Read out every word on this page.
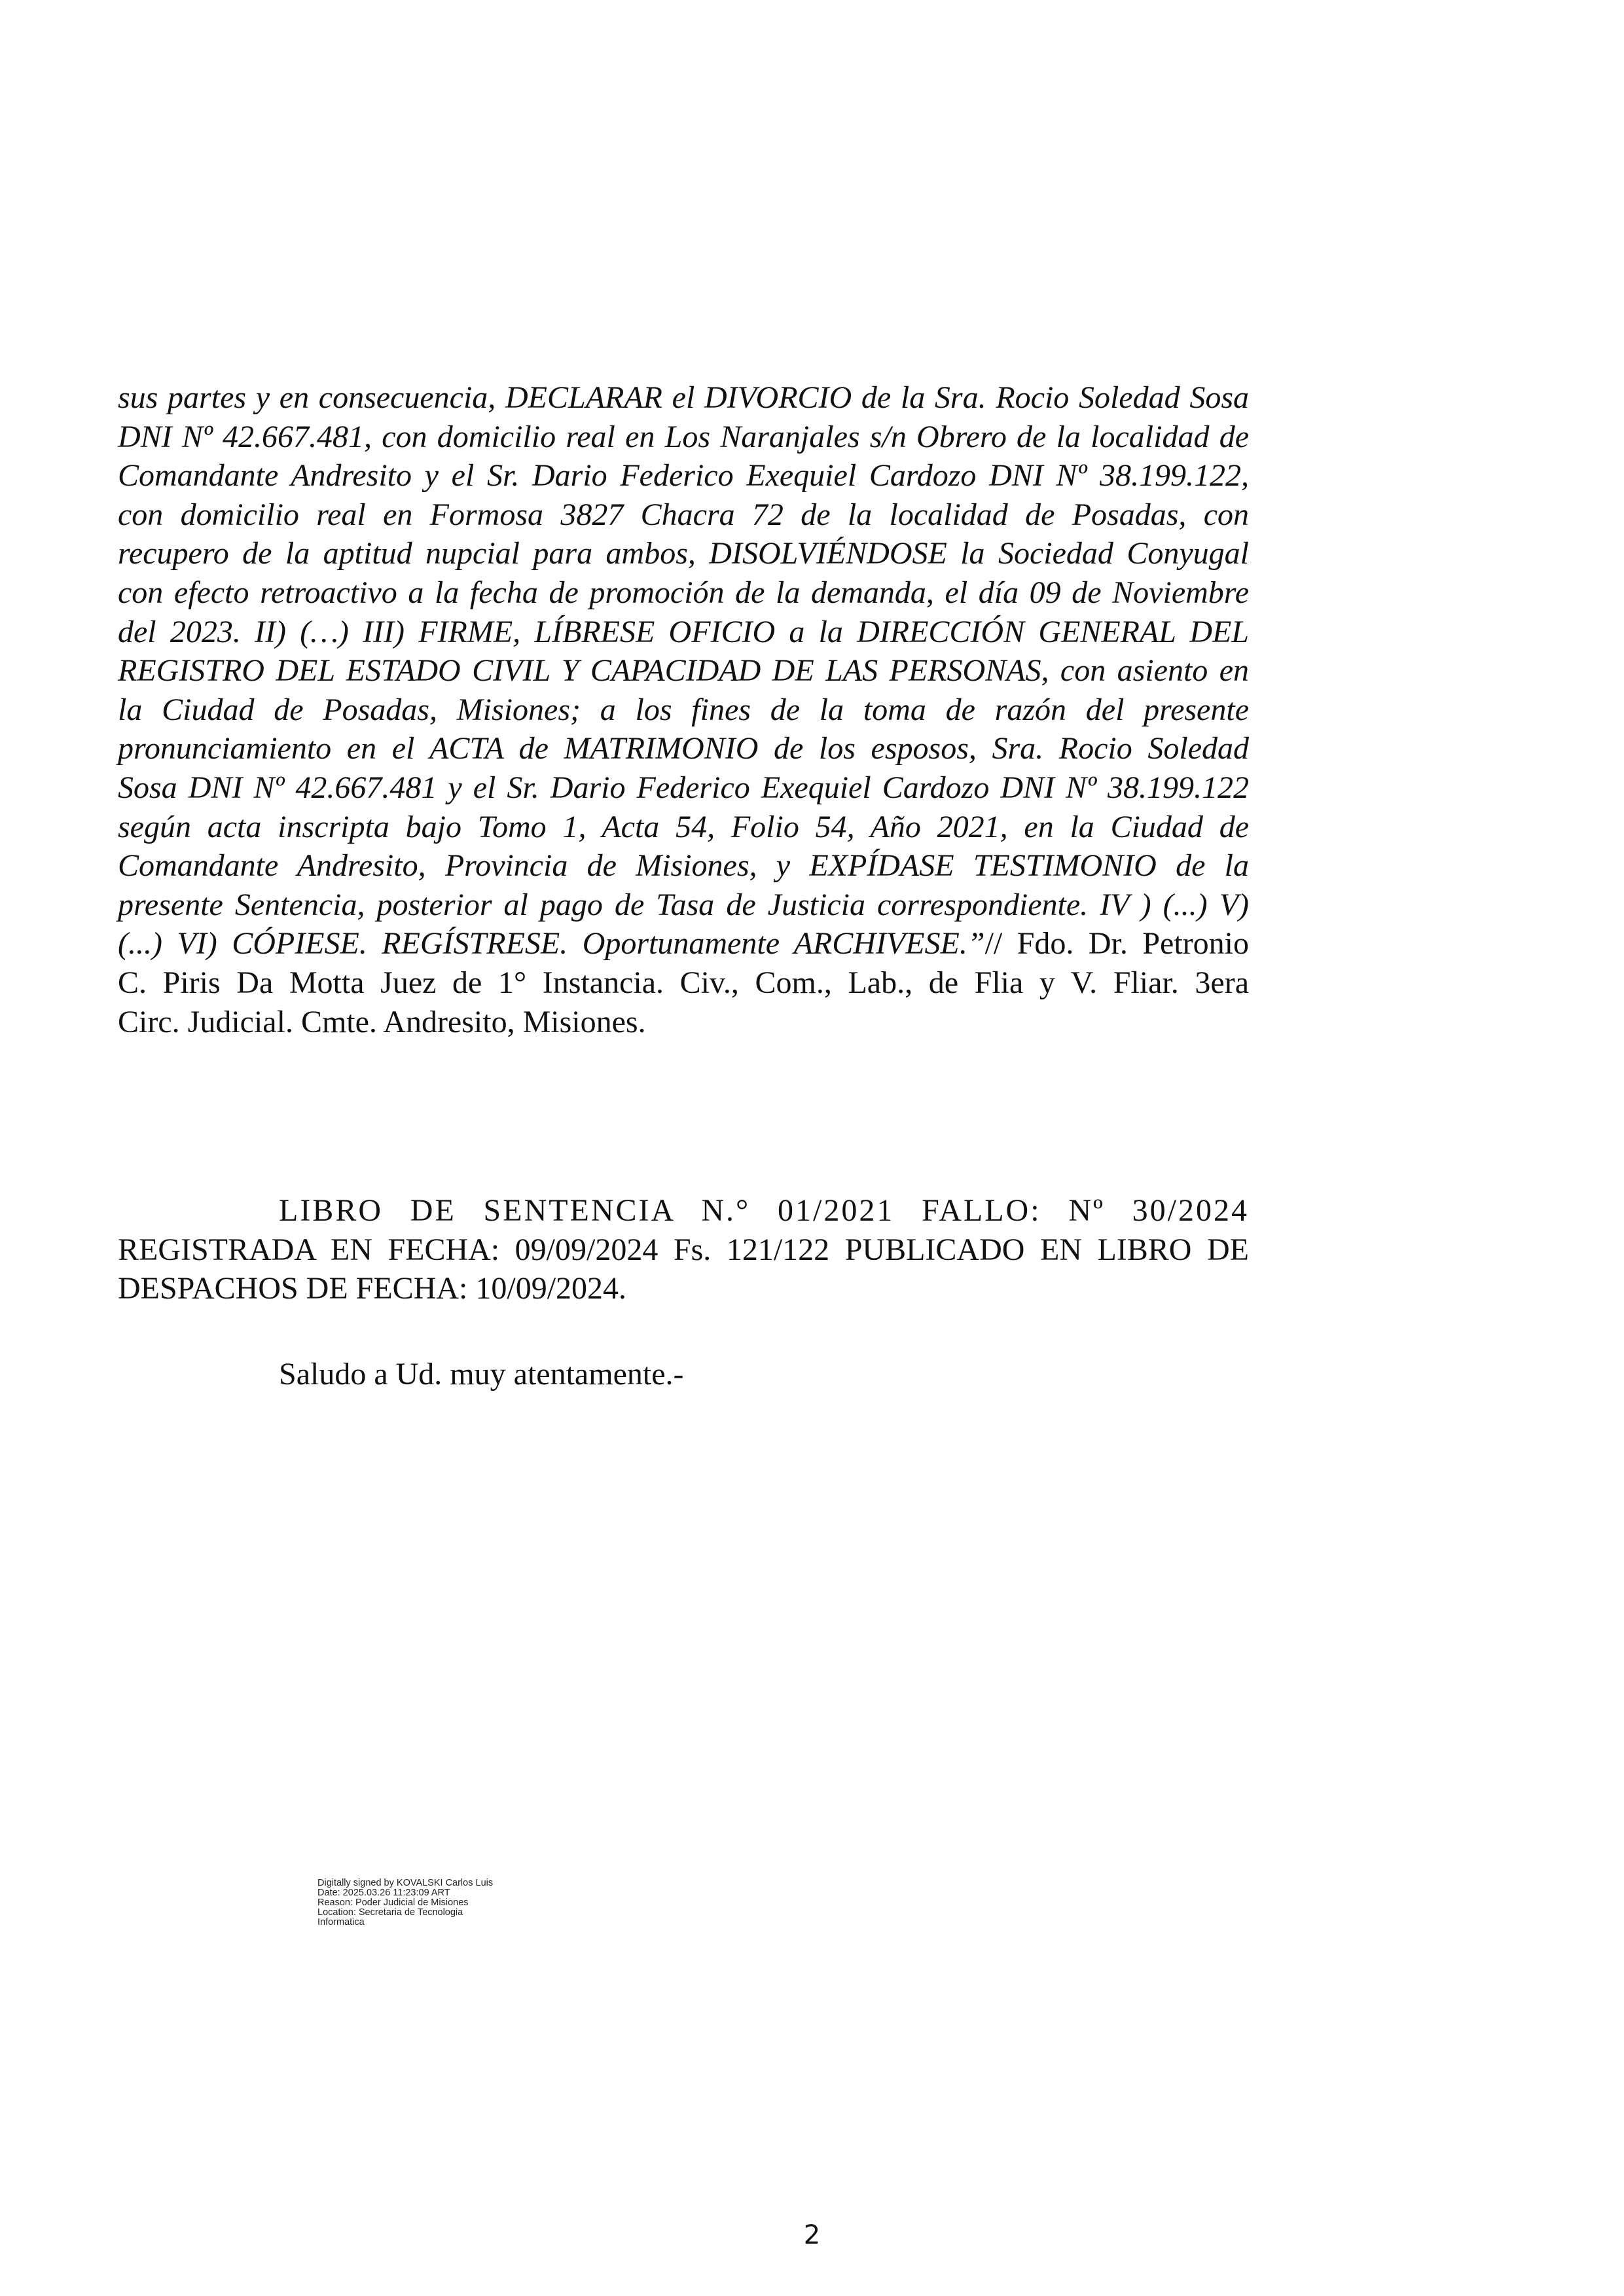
sus partes y en consecuencia, DECLARAR el DIVORCIO de la Sra. Rocio Soledad Sosa
DNI Nº 42.667.481, con domicilio real en Los Naranjales s/n Obrero de la localidad de
Comandante Andresito y el Sr. Dario Federico Exequiel Cardozo DNI Nº 38.199.122,
con domicilio real en Formosa 3827 Chacra 72 de la localidad de Posadas, con
recupero de la aptitud nupcial para ambos, DISOLVIÉNDOSE la Sociedad Conyugal
con efecto retroactivo a la fecha de promoción de la demanda, el día 09 de Noviembre
del 2023. II) (…) III) FIRME, LÍBRESE OFICIO a la DIRECCIÓN GENERAL DEL
REGISTRO DEL ESTADO CIVIL Y CAPACIDAD DE LAS PERSONAS, con asiento en
la Ciudad de Posadas, Misiones; a los fines de la toma de razón del presente
pronunciamiento en el ACTA de MATRIMONIO de los esposos, Sra. Rocio Soledad
Sosa DNI Nº 42.667.481 y el Sr. Dario Federico Exequiel Cardozo DNI Nº 38.199.122
según acta inscripta bajo Tomo 1, Acta 54, Folio 54, Año 2021, en la Ciudad de
Comandante Andresito, Provincia de Misiones, y EXPÍDASE TESTIMONIO de la
presente Sentencia, posterior al pago de Tasa de Justicia correspondiente. IV ) (...) V)
(...) VI) CÓPIESE. REGÍSTRESE. Oportunamente ARCHIVESE.”// Fdo. Dr. Petronio
C. Piris Da Motta Juez de 1° Instancia. Civ., Com., Lab., de Flia y V. Fliar. 3era
Circ. Judicial. Cmte. Andresito, Misiones.
LIBRO DE SENTENCIA N.° 01/2021 FALLO: Nº 30/2024
REGISTRADA EN FECHA: 09/09/2024 Fs. 121/122 PUBLICADO EN LIBRO DE
DESPACHOS DE FECHA: 10/09/2024.
Saludo a Ud. muy atentamente.-
Digitally signed by KOVALSKI Carlos Luis
Date: 2025.03.26 11:23:09 ART
Reason: Poder Judicial de Misiones
Location: Secretaria de Tecnologia
Informatica
2
